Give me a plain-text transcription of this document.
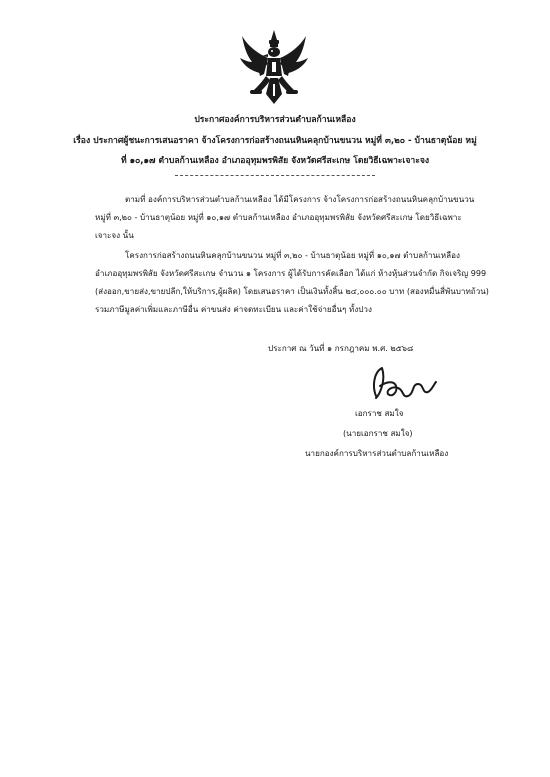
ประกาศองค์การบริหารส่วนตำบลก้านเหลือง
เรื่อง ประกาศผู้ชนะการเสนอราคา จ้างโครงการก่อสร้างถนนหินคลุกบ้านขนวน หมู่ที่ ๓,๒๐ - บ้านธาตุน้อย หมู่
ที่ ๑๐,๑๗ ตำบลก้านเหลือง อำเภออุทุมพรพิสัย จังหวัดศรีสะเกษ โดยวิธีเฉพาะเจาะจง
ตามที่ องค์การบริหารส่วนตำบลก้านเหลือง ได้มีโครงการ จ้างโครงการก่อสร้างถนนหินคลุกบ้านขนวน
หมู่ที่ ๓,๒๐ - บ้านธาตุน้อย หมู่ที่ ๑๐,๑๗ ตำบลก้านเหลือง อำเภออุทุมพรพิสัย จังหวัดศรีสะเกษ โดยวิธีเฉพาะ
เจาะจง นั้น
โครงการก่อสร้างถนนหินคลุกบ้านขนวน หมู่ที่ ๓,๒๐ - บ้านธาตุน้อย หมู่ที่ ๑๐,๑๗ ตำบลก้านเหลือง
อำเภออุทุมพรพิสัย จังหวัดศรีสะเกษ จำนวน ๑ โครงการ ผู้ได้รับการคัดเลือก ได้แก่ ห้างหุ้นส่วนจำกัด กิจเจริญ 999
(ส่งออก,ขายส่ง,ขายปลีก,ให้บริการ,ผู้ผลิต) โดยเสนอราคา เป็นเงินทั้งสิ้น ๒๔,๐๐๐.๐๐ บาท (สองหมื่นสี่พันบาทถ้วน)
รวมภาษีมูลค่าเพิ่มและภาษีอื่น ค่าขนส่ง ค่าจดทะเบียน และค่าใช้จ่ายอื่นๆ ทั้งปวง
ประกาศ ณ วันที่ ๑ กรกฎาคม พ.ศ. ๒๕๖๘
เอกราช สมใจ
(นายเอกราช สมใจ)
นายกองค์การบริหารส่วนตำบลก้านเหลือง
